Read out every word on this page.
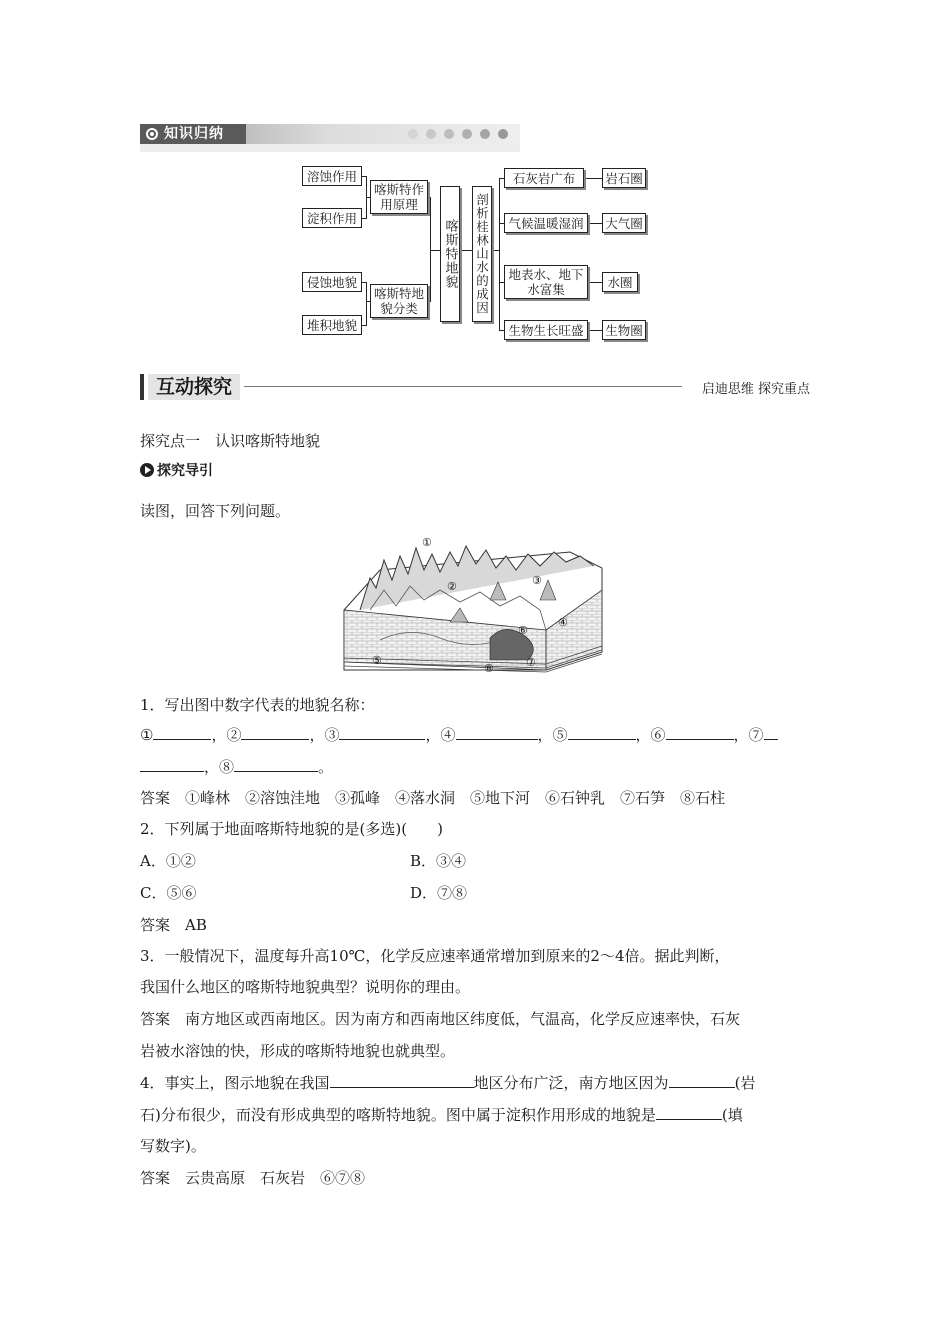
知识归纳
溶蚀作用
淀积作用
喀斯特作用原理
侵蚀地貌
堆积地貌
喀斯特地貌分类
喀斯特地貌 剖析桂林山水的成因
石灰岩广布
气候温暖湿润
地表水、地下水富集
生物生长旺盛
岩石圈
大气圈
水圈
生物圈
互动探究	启迪思维 探究重点
探究点一　认识喀斯特地貌
探究导引
读图，回答下列问题。
①
②	③
④
⑤
⑥
⑦
⑧
1．写出图中数字代表的地貌名称：
①	，②	，③	，④	，⑤	，⑥	，⑦
，⑧	。
答案　①峰林　②溶蚀洼地　③孤峰　④落水洞　⑤地下河　⑥石钟乳　⑦石笋　⑧石柱
2．下列属于地面喀斯特地貌的是(多选)(　　)
A．①②	B．③④
C．⑤⑥	D．⑦⑧
答案　AB
3．一般情况下，温度每升高10℃，化学反应速率通常增加到原来的2～4倍。据此判断，
我国什么地区的喀斯特地貌典型？说明你的理由。
答案　南方地区或西南地区。因为南方和西南地区纬度低，气温高，化学反应速率快，石灰
岩被水溶蚀的快，形成的喀斯特地貌也就典型。
4．事实上，图示地貌在我国	地区分布广泛，南方地区因为	(岩
石)分布很少，而没有形成典型的喀斯特地貌。图中属于淀积作用形成的地貌是	(填
写数字)。
答案　云贵高原　石灰岩　⑥⑦⑧
